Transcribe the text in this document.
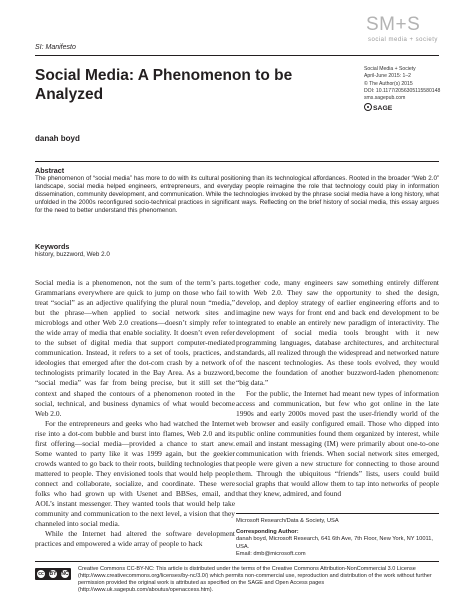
SI: Manifesto
SM+S
social media + society
Social Media: A Phenomenon to be Analyzed
Social Media + Society
April-June 2015: 1–2
© The Author(s) 2015
DOI: 10.1177/2056305115580148
sms.sagepub.com
SAGE
danah boyd
Abstract
The phenomenon of “social media” has more to do with its cultural positioning than its technological affordances. Rooted in the broader “Web 2.0” landscape, social media helped engineers, entrepreneurs, and everyday people reimagine the role that technology could play in information dissemination, community development, and communication. While the technologies invoked by the phrase social media have a long history, what unfolded in the 2000s reconfigured socio-technical practices in significant ways. Reflecting on the brief history of social media, this essay argues for the need to better understand this phenomenon.
Keywords
history, buzzword, Web 2.0

Social media is a phenomenon, not the sum of the term’s parts. Grammarians everywhere are quick to jump on those who fail to treat “social” as an adjective qualifying the plural noun “media,” but the phrase—when applied to social network sites and microblogs and other Web 2.0 creations—doesn’t simply refer to the wide array of media that enable sociality. It doesn’t even refer to the subset of digital media that support computer-mediated communication. Instead, it refers to a set of tools, practices, and ideologies that emerged after the dot-com crash by a network of technologists primarily located in the Bay Area. As a buzzword, “social media” was far from being precise, but it still set the context and shaped the contours of a phenomenon rooted in the social, technical, and business dynamics of what would become Web 2.0.

For the entrepreneurs and geeks who had watched the Internet rise into a dot-com bubble and burst into flames, Web 2.0 and its first offering—social media—provided a chance to start anew. Some wanted to party like it was 1999 again, but the geekier crowds wanted to go back to their roots, building technologies that mattered to people. They envisioned tools that would help people connect and collaborate, socialize, and coordinate. These were folks who had grown up with Usenet and BBSes, email, and AOL’s instant messenger. They wanted tools that would help take community and communication to the next level, a vision that they channeled into social media.

While the Internet had altered the software development practices and empowered a wide array of people to hack

together code, many engineers saw something entirely different with Web 2.0. They saw the opportunity to shed the design, develop, and deploy strategy of earlier engineering efforts and to imagine new ways for front end and back end development to be integrated to enable an entirely new paradigm of interactivity. The development of social media tools brought with it new programming languages, database architectures, and architectural standards, all realized through the widespread and networked nature of the nascent technologies. As these tools evolved, they would become the foundation of another buzzword-laden phenomenon: “big data.”

For the public, the Internet had meant new types of information access and communication, but few who got online in the late 1990s and early 2000s moved past the user-friendly world of the web browser and easily configured email. Those who dipped into public online communities found them organized by interest, while email and instant messaging (IM) were primarily about one-to-one communication with friends. When social network sites emerged, people were given a new structure for connecting to those around them. Through the ubiquitous “friends” lists, users could build social graphs that would allow them to tap into networks of people that they knew, admired, and found

Microsoft Research/Data & Society, USA
Corresponding Author:
danah boyd, Microsoft Research, 641 6th Ave, 7th Floor, New York, NY 10011, USA.
Email: dmb@microsoft.com
cc	BY NC
Creative Commons CC-BY-NC: This article is distributed under the terms of the Creative Commons Attribution-NonCommercial 3.0 License (http://www.creativecommons.org/licenses/by-nc/3.0/) which permits non-commercial use, reproduction and distribution of the work without further permission provided the original work is attributed as specified on the SAGE and Open Access pages (http://www.uk.sagepub.com/aboutus/openaccess.htm).
